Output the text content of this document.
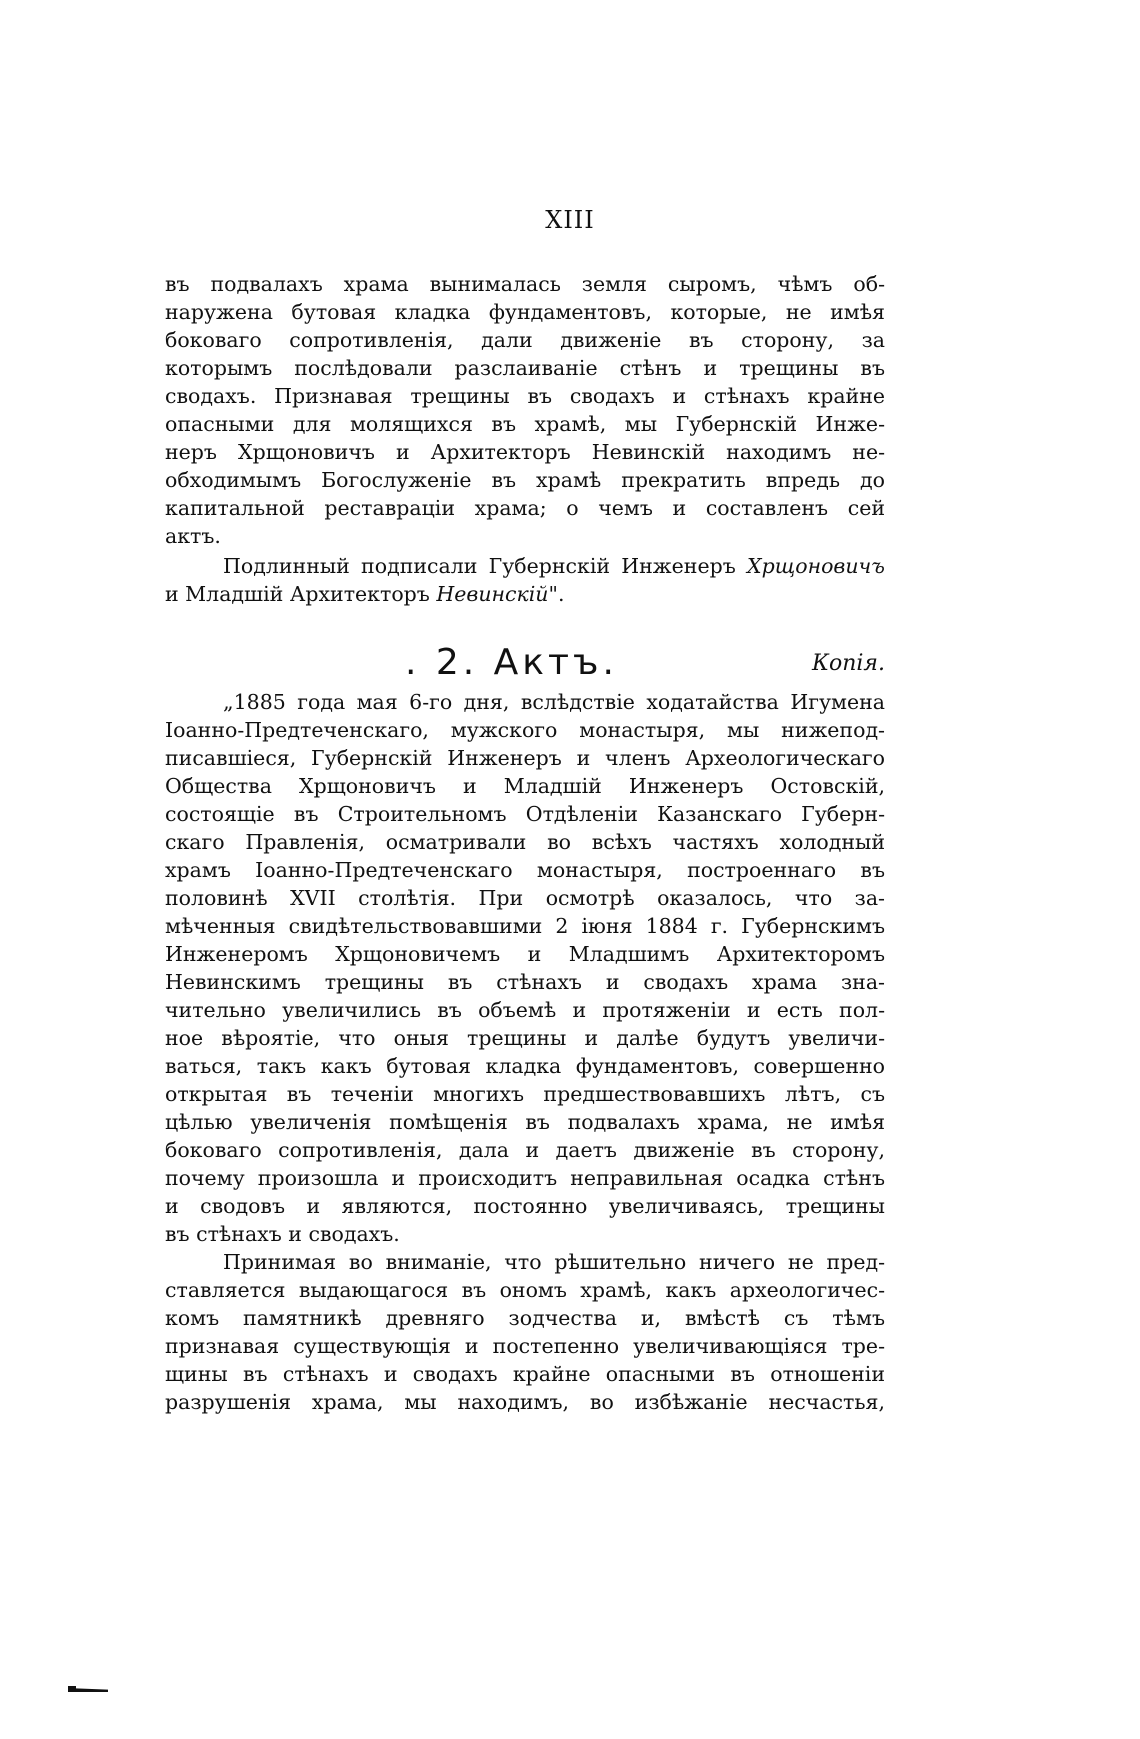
XIII
въ подвалахъ храма вынималась земля сыромъ, чѣмъ об-
наружена бутовая кладка фундаментовъ, которые, не имѣя
боковаго сопротивленія, дали движеніе въ сторону, за
которымъ послѣдовали разслаиваніе стѣнъ и трещины въ
сводахъ. Признавая трещины въ сводахъ и стѣнахъ крайне
опасными для молящихся въ храмѣ, мы Губернскій Инже-
неръ Хрщоновичъ и Архитекторъ Невинскій находимъ не-
обходимымъ Богослуженіе въ храмѣ прекратить впредь до
капитальной реставраціи храма; о чемъ и составленъ сей
актъ.
Подлинный подписали Губернскій Инженеръ Хрщоновичъ
и Младшій Архитекторъ Невинскій".
. 2. Актъ.	Копія.
„1885 года мая 6-го дня, вслѣдствіе ходатайства Игумена
Іоанно-Предтеченскаго, мужского монастыря, мы нижепод-
писавшіеся, Губернскій Инженеръ и членъ Археологическаго
Общества Хрщоновичъ и Младшій Инженеръ Остовскій,
состоящіе въ Строительномъ Отдѣленіи Казанскаго Губерн-
скаго Правленія, осматривали во всѣхъ частяхъ холодный
храмъ Іоанно-Предтеченскаго монастыря, построеннаго въ
половинѣ XVII столѣтія. При осмотрѣ оказалось, что за-
мѣченныя свидѣтельствовавшими 2 іюня 1884 г. Губернскимъ
Инженеромъ Хрщоновичемъ и Младшимъ Архитекторомъ
Невинскимъ трещины въ стѣнахъ и сводахъ храма зна-
чительно увеличились въ объемѣ и протяженіи и есть пол-
ное вѣроятіе, что оныя трещины и далѣе будутъ увеличи-
ваться, такъ какъ бутовая кладка фундаментовъ, совершенно
открытая въ теченіи многихъ предшествовавшихъ лѣтъ, съ
цѣлью увеличенія помѣщенія въ подвалахъ храма, не имѣя
боковаго сопротивленія, дала и даетъ движеніе въ сторону,
почему произошла и происходитъ неправильная осадка стѣнъ
и сводовъ и являются, постоянно увеличиваясь, трещины
въ стѣнахъ и сводахъ.
Принимая во вниманіе, что рѣшительно ничего не пред-
ставляется выдающагося въ ономъ храмѣ, какъ археологичес-
комъ памятникѣ древняго зодчества и, вмѣстѣ съ тѣмъ
признавая существующія и постепенно увеличивающіяся тре-
щины въ стѣнахъ и сводахъ крайне опасными въ отношеніи
разрушенія храма, мы находимъ, во избѣжаніе несчастья,
